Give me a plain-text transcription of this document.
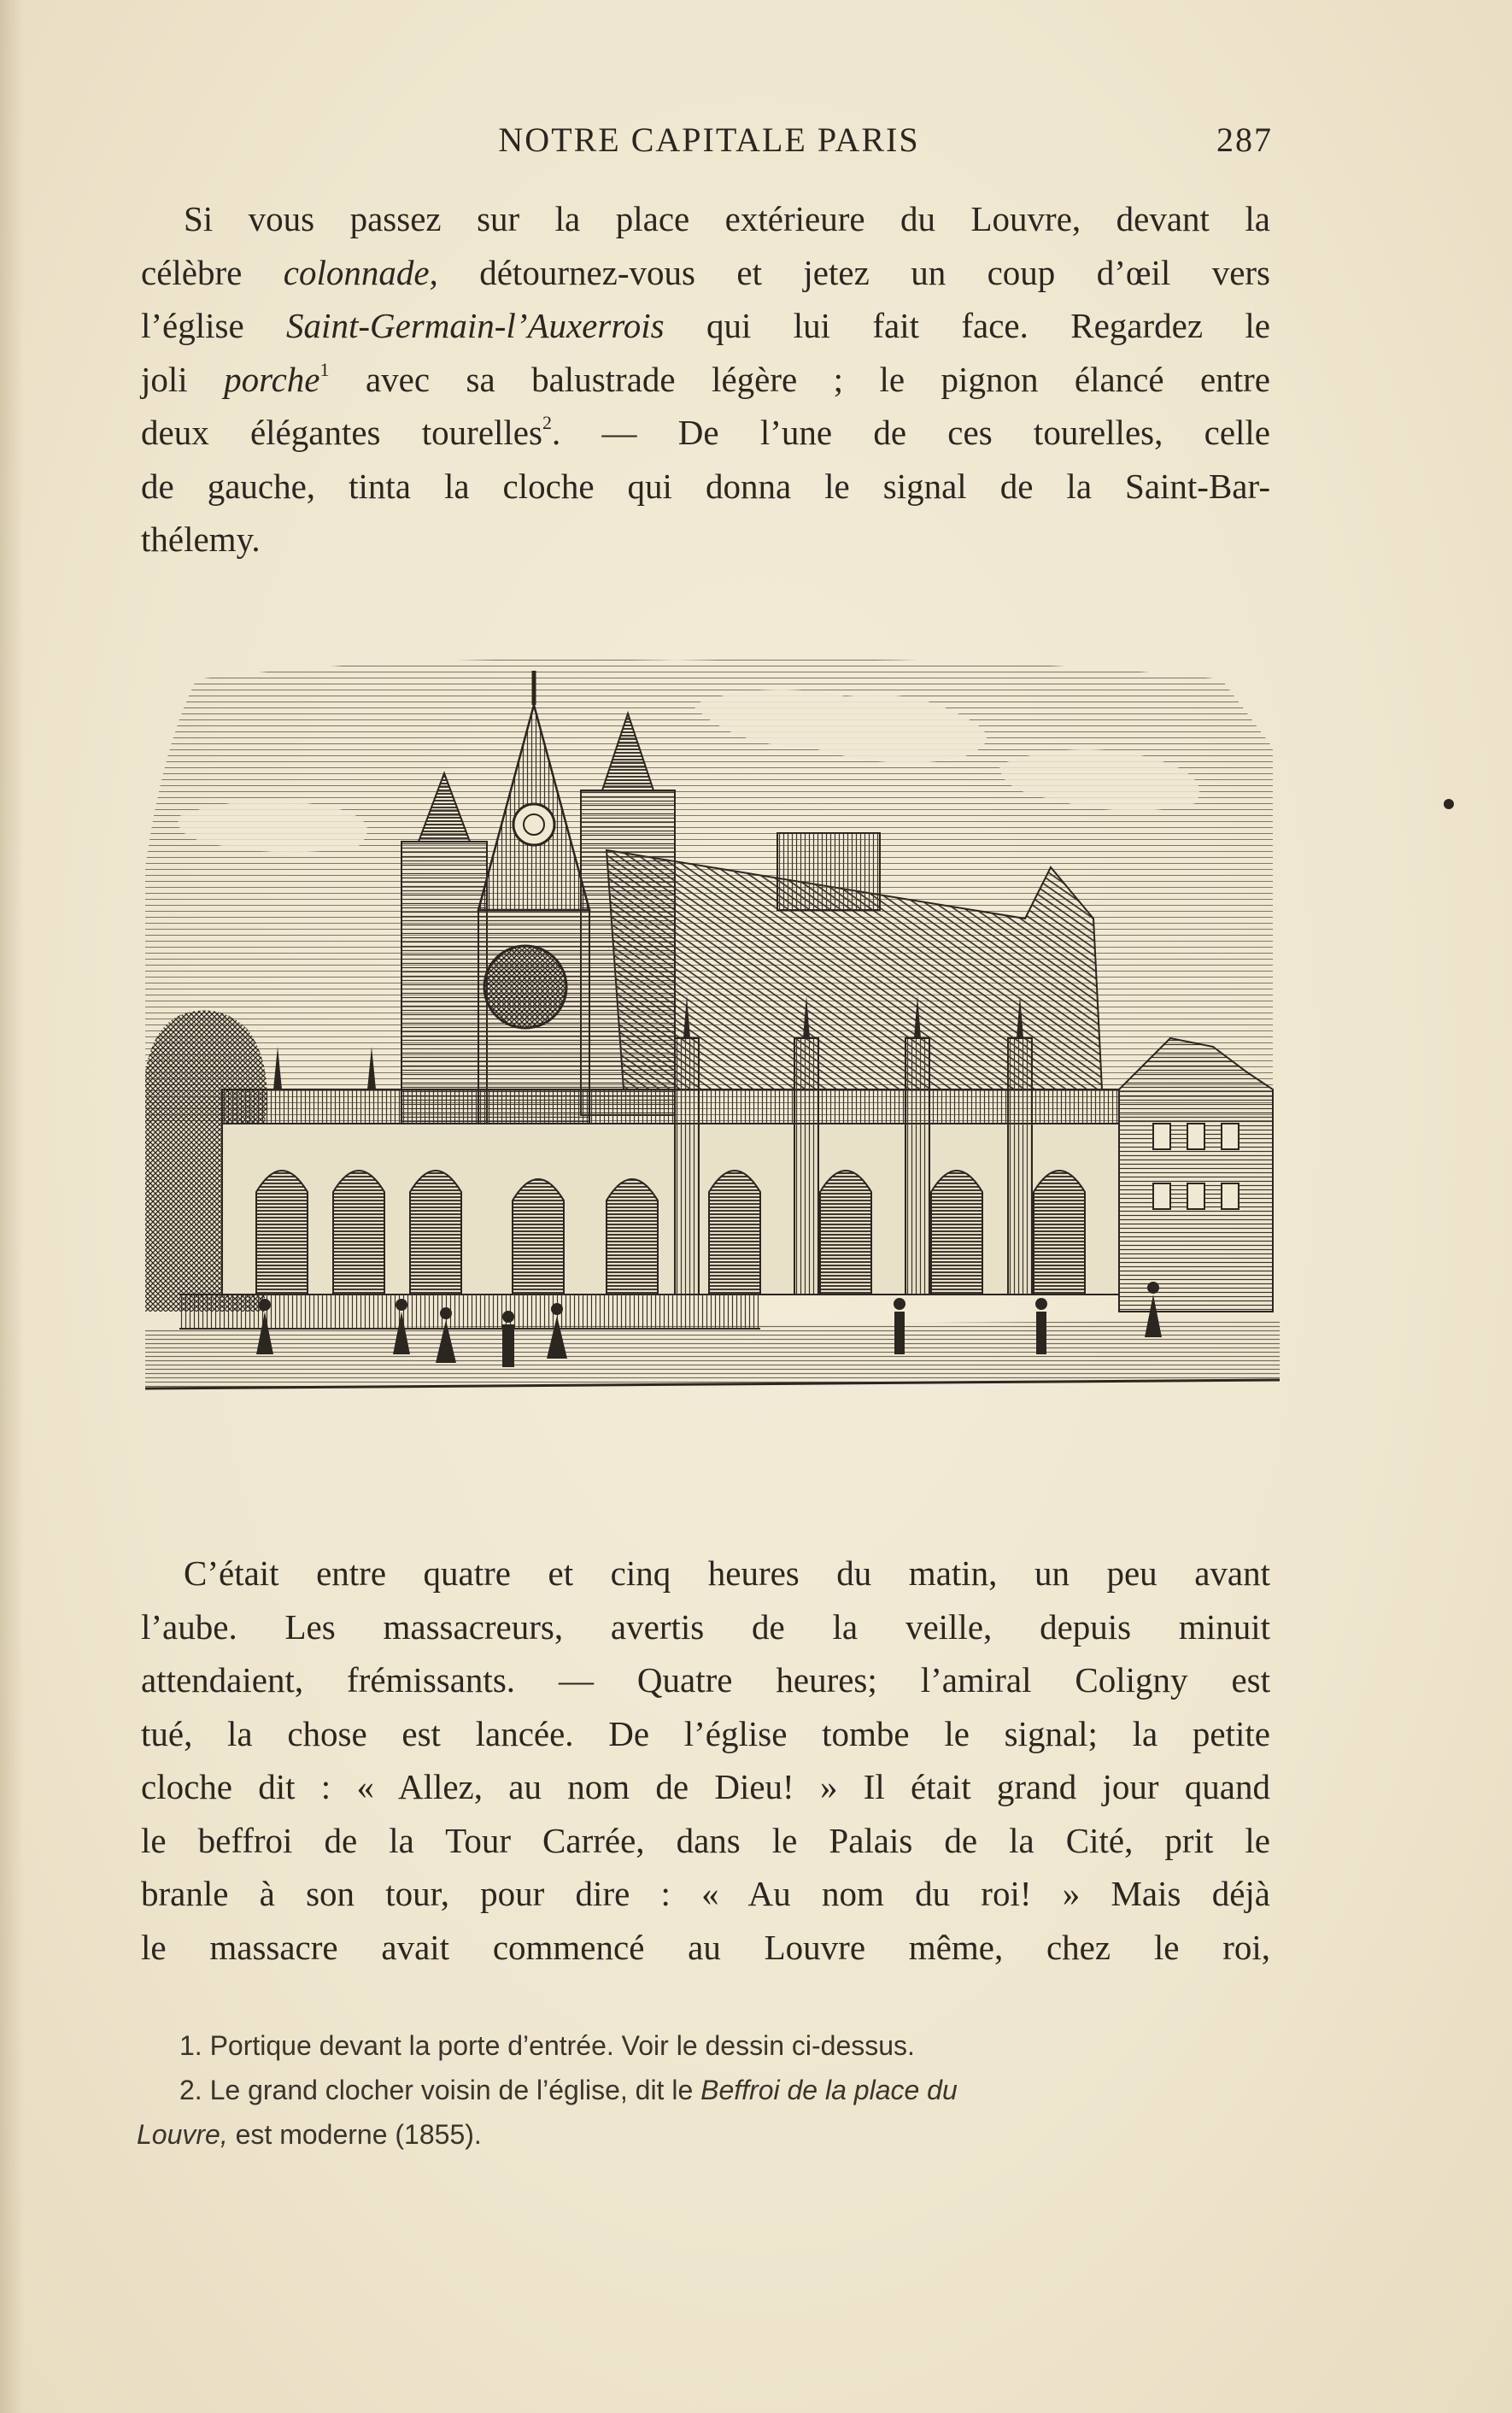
NOTRE CAPITALE PARIS	287

Si vous passez sur la place extérieure du Louvre, devant la
célèbre colonnade, détournez-vous et jetez un coup d’œil vers
l’église Saint-Germain-l’Auxerrois qui lui fait face. Regardez le
joli porche$^1$ avec sa balustrade légère ; le pignon élancé entre
deux élégantes tourelles$^2$. — De l’une de ces tourelles, celle
de gauche, tinta la cloche qui donna le signal de la Saint-Bar-
thélemy.

C’était entre quatre et cinq heures du matin, un peu avant
l’aube. Les massacreurs, avertis de la veille, depuis minuit
attendaient, frémissants. — Quatre heures; l’amiral Coligny est
tué, la chose est lancée. De l’église tombe le signal; la petite
cloche dit : « Allez, au nom de Dieu! » Il était grand jour quand
le beffroi de la Tour Carrée, dans le Palais de la Cité, prit le
branle à son tour, pour dire : « Au nom du roi! » Mais déjà
le massacre avait commencé au Louvre même, chez le roi,

1. Portique devant la porte d’entrée. Voir le dessin ci-dessus.
2. Le grand clocher voisin de l’église, dit le Beffroi de la place du
Louvre, est moderne (1855).
